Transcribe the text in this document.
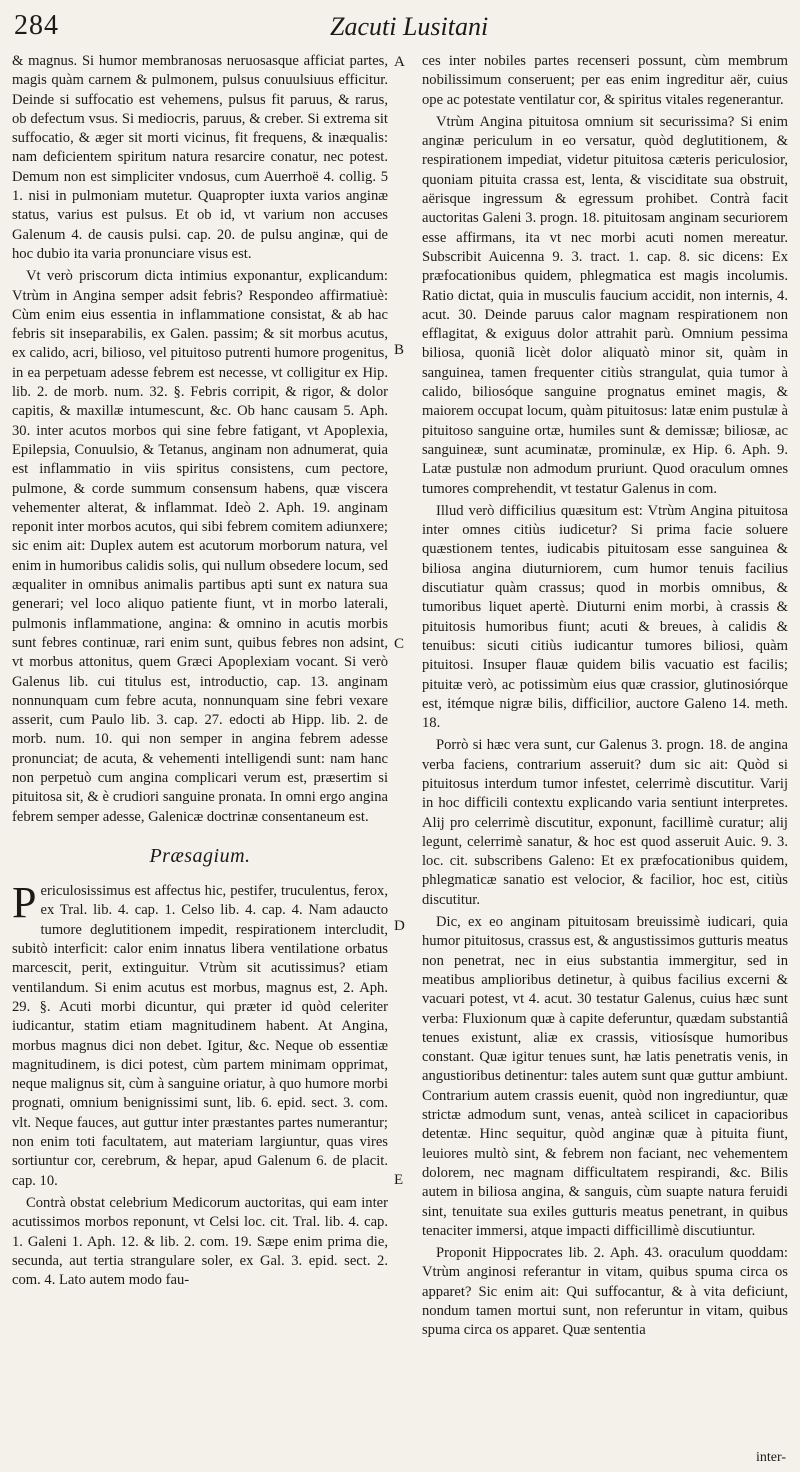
284	Zacuti Lusitani

& magnus. Si humor membranosas neruosasque afficiat partes, magis quàm carnem & pulmonem, pulsus conuulsiuus efficitur. Deinde si suffocatio est vehemens, pulsus fit paruus, & rarus, ob defectum vsus. Si mediocris, paruus, & creber. Si extrema sit suffocatio, & æger sit morti vicinus, fit frequens, & inæqualis: nam deficientem spiritum natura resarcire conatur, nec potest. Demum non est simpliciter vndosus, cum Auerrhoë 4. collig. 5 1. nisi in pulmoniam mutetur. Quapropter iuxta varios anginæ status, varius est pulsus. Et ob id, vt varium non accuses Galenum 4. de causis pulsi. cap. 20. de pulsu anginæ, qui de hoc dubio ita varia pronunciare visus est.

Vt verò priscorum dicta intimius exponantur, explicandum: Vtrùm in Angina semper adsit febris? Respondeo affirmatiuè: Cùm enim eius essentia in inflammatione consistat, & ab hac febris sit inseparabilis, ex Galen. passim; & sit morbus acutus, ex calido, acri, bilioso, vel pituitoso putrenti humore progenitus, in ea perpetuam adesse febrem est necesse, vt colligitur ex Hip. lib. 2. de morb. num. 32. §. Febris corripit, & rigor, & dolor capitis, & maxillæ intumescunt, &c. Ob hanc causam 5. Aph. 30. inter acutos morbos qui sine febre fatigant, vt Apoplexia, Epilepsia, Conuulsio, & Tetanus, anginam non adnumerat, quia est inflammatio in viis spiritus consistens, cum pectore, pulmone, & corde summum consensum habens, quæ viscera vehementer alterat, & inflammat. Ideò 2. Aph. 19. anginam reponit inter morbos acutos, qui sibi febrem comitem adiunxere; sic enim ait: Duplex autem est acutorum morborum natura, vel enim in humoribus calidis solis, qui nullum obsedere locum, sed æqualiter in omnibus animalis partibus apti sunt ex natura sua generari; vel loco aliquo patiente fiunt, vt in morbo laterali, pulmonis inflammatione, angina: & omnino in acutis morbis sunt febres continuæ, rari enim sunt, quibus febres non adsint, vt morbus attonitus, quem Græci Apoplexiam vocant. Si verò Galenus lib. cui titulus est, introductio, cap. 13. anginam nonnunquam cum febre acuta, nonnunquam sine febri vexare asserit, cum Paulo lib. 3. cap. 27. edocti ab Hipp. lib. 2. de morb. num. 10. qui non semper in angina febrem adesse pronunciat; de acuta, & vehementi intelligendi sunt: nam hanc non perpetuò cum angina complicari verum est, præsertim si pituitosa sit, & è crudiori sanguine pronata. In omni ergo angina febrem semper adesse, Galenicæ doctrinæ consentaneum est.

Præsagium.

Periculosissimus est affectus hic, pestifer, truculentus, ferox, ex Tral. lib. 4. cap. 1. Celso lib. 4. cap. 4. Nam adaucto tumore deglutitionem impedit, respirationem intercludit, subitò interficit: calor enim innatus libera ventilatione orbatus marcescit, perit, extinguitur. Vtrùm sit acutissimus? etiam ventilandum. Si enim acutus est morbus, magnus est, 2. Aph. 29. §. Acuti morbi dicuntur, qui præter id quòd celeriter iudicantur, statim etiam magnitudinem habent. At Angina, morbus magnus dici non debet. Igitur, &c. Neque ob essentiæ magnitudinem, is dici potest, cùm partem minimam opprimat, neque malignus sit, cùm à sanguine oriatur, à quo humore morbi prognati, omnium benignissimi sunt, lib. 6. epid. sect. 3. com. vlt. Neque fauces, aut guttur inter præstantes partes numerantur; non enim toti facultatem, aut materiam largiuntur, quas vires sortiuntur cor, cerebrum, & hepar, apud Galenum 6. de placit. cap. 10.

Contrà obstat celebrium Medicorum auctoritas, qui eam inter acutissimos morbos reponunt, vt Celsi loc. cit. Tral. lib. 4. cap. 1. Galeni 1. Aph. 12. & lib. 2. com. 19. Sæpe enim prima die, secunda, aut tertia strangulare soler, ex Gal. 3. epid. sect. 2. com. 4. Lato autem modo fau-

A
B
C
D
E

ces inter nobiles partes recenseri possunt, cùm membrum nobilissimum conseruent; per eas enim ingreditur aër, cuius ope ac potestate ventilatur cor, & spiritus vitales regenerantur.

Vtrùm Angina pituitosa omnium sit securissima? Si enim anginæ periculum in eo versatur, quòd deglutitionem, & respirationem impediat, videtur pituitosa cæteris periculosior, quoniam pituita crassa est, lenta, & visciditate sua obstruit, aërisque ingressum & egressum prohibet. Contrà facit auctoritas Galeni 3. progn. 18. pituitosam anginam securiorem esse affirmans, ita vt nec morbi acuti nomen mereatur. Subscribit Auicenna 9. 3. tract. 1. cap. 8. sic dicens: Ex præfocationibus quidem, phlegmatica est magis incolumis. Ratio dictat, quia in musculis faucium accidit, non internis, 4. acut. 30. Deinde paruus calor magnam respirationem non efflagitat, & exiguus dolor attrahit parù. Omnium pessima biliosa, quoniã licèt dolor aliquatò minor sit, quàm in sanguinea, tamen frequenter citiùs strangulat, quia tumor à calido, biliosóque sanguine prognatus eminet magis, & maiorem occupat locum, quàm pituitosus: latæ enim pustulæ à pituitoso sanguine ortæ, humiles sunt & demissæ; biliosæ, ac sanguineæ, sunt acuminatæ, prominulæ, ex Hip. 6. Aph. 9. Latæ pustulæ non admodum pruriunt. Quod oraculum omnes tumores comprehendit, vt testatur Galenus in com.

Illud verò difficilius quæsitum est: Vtrùm Angina pituitosa inter omnes citiùs iudicetur? Si prima facie soluere quæstionem tentes, iudicabis pituitosam esse sanguinea & biliosa angina diuturniorem, cum humor tenuis facilius discutiatur quàm crassus; quod in morbis omnibus, & tumoribus liquet apertè. Diuturni enim morbi, à crassis & pituitosis humoribus fiunt; acuti & breues, à calidis & tenuibus: sicuti citiùs iudicantur tumores biliosi, quàm pituitosi. Insuper flauæ quidem bilis vacuatio est facilis; pituitæ verò, ac potissimùm eius quæ crassior, glutinosiórque est, itémque nigræ bilis, difficilior, auctore Galeno 14. meth. 18.

Porrò si hæc vera sunt, cur Galenus 3. progn. 18. de angina verba faciens, contrarium asseruit? dum sic ait: Quòd si pituitosus interdum tumor infestet, celerrimè discutitur. Varij in hoc difficili contextu explicando varia sentiunt interpretes. Alij pro celerrimè discutitur, exponunt, facillimè curatur; alij legunt, celerrimè sanatur, & hoc est quod asseruit Auic. 9. 3. loc. cit. subscribens Galeno: Et ex præfocationibus quidem, phlegmaticæ sanatio est velocior, & facilior, hoc est, citiùs discutitur.

Dic, ex eo anginam pituitosam breuissimè iudicari, quia humor pituitosus, crassus est, & angustissimos gutturis meatus non penetrat, nec in eius substantia immergitur, sed in meatibus amplioribus detinetur, à quibus facilius excerni & vacuari potest, vt 4. acut. 30 testatur Galenus, cuius hæc sunt verba: Fluxionum quæ à capite deferuntur, quædam substantiâ tenues existunt, aliæ ex crassis, vitiosísque humoribus constant. Quæ igitur tenues sunt, hæ latis penetratis venis, in angustioribus detinentur: tales autem sunt quæ guttur ambiunt. Contrarium autem crassis euenit, quòd non ingrediuntur, quæ strictæ admodum sunt, venas, anteà scilicet in capacioribus detentæ. Hinc sequitur, quòd anginæ quæ à pituita fiunt, leuiores multò sint, & febrem non faciant, nec vehementem dolorem, nec magnam difficultatem respirandi, &c. Bilis autem in biliosa angina, & sanguis, cùm suapte natura feruidi sint, tenuitate sua exiles gutturis meatus penetrant, in quibus tenaciter immersi, atque impacti difficillimè discutiuntur.

Proponit Hippocrates lib. 2. Aph. 43. oraculum quoddam: Vtrùm anginosi referantur in vitam, quibus spuma circa os apparet? Sic enim ait: Qui suffocantur, & à vita deficiunt, nondum tamen mortui sunt, non referuntur in vitam, quibus spuma circa os apparet. Quæ sententia

inter-
